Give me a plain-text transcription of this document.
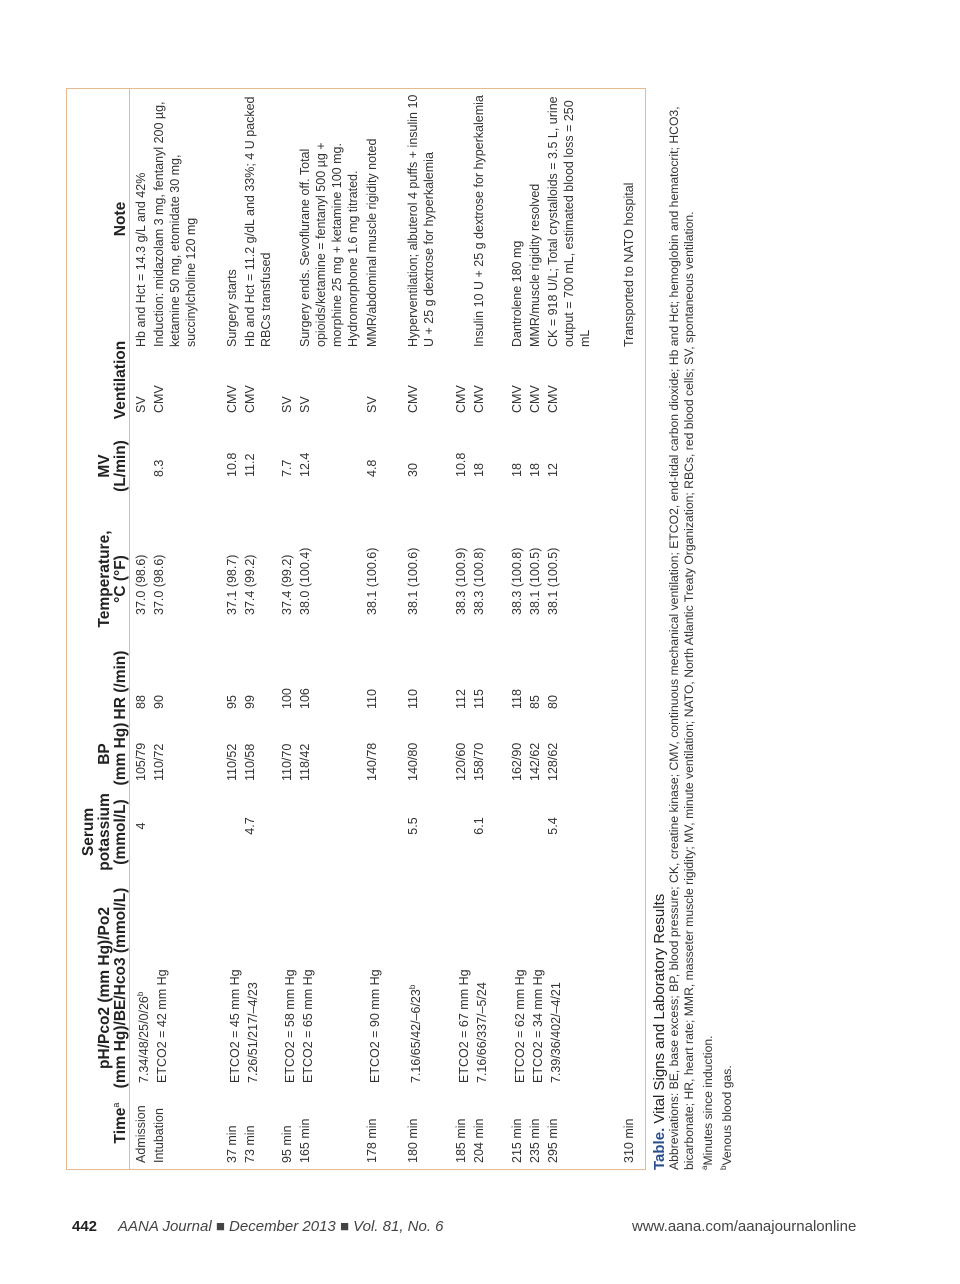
Time$^a$
pH/Pco2 (mm Hg)/Po2 (mm Hg)/BE/Hco3 (mmol/L)
Serum potassium (mmol/L)
BP (mm Hg)
HR (/min)
Temperature, °C (°F)
MV (L/min)
Ventilation
Note
Admission
7.34/48/25/0/26$^b$
4
105/79
88
37.0 (98.6)
SV
Hb and Hct = 14.3 g/L and 42%
Intubation
ETCO2 = 42 mm Hg
110/72
90
37.0 (98.6)
8.3
CMV
Induction: midazolam 3 mg, fentanyl 200 µg, ketamine 50 mg, etomidate 30 mg, succinylcholine 120 mg
37 min
ETCO2 = 45 mm Hg
110/52
95
37.1 (98.7)
10.8
CMV
Surgery starts
73 min
7.26/51/217/–4/23
4.7
110/58
99
37.4 (99.2)
11.2
CMV
Hb and Hct = 11.2 g/dL and 33%; 4 U packed RBCs transfused
95 min
ETCO2 = 58 mm Hg
110/70
100
37.4 (99.2)
7.7
SV
165 min
ETCO2 = 65 mm Hg
118/42
106
38.0 (100.4)
12.4
SV
Surgery ends. Sevoflurane off. Total opioids/ketamine = fentanyl 500 µg + morphine 25 mg + ketamine 100 mg. Hydromorphone 1.6 mg titrated.
178 min
ETCO2 = 90 mm Hg
140/78
110
38.1 (100.6)
4.8
SV
MMR/abdominal muscle rigidity noted
180 min
7.16/65/42/–6/23$^b$
5.5
140/80
110
38.1 (100.6)
30
CMV
Hyperventilation; albuterol 4 puffs + insulin 10 U + 25 g dextrose for hyperkalemia
185 min
ETCO2 = 67 mm Hg
120/60
112
38.3 (100.9)
10.8
CMV
204 min
7.16/66/337/–5/24
6.1
158/70
115
38.3 (100.8)
18
CMV
Insulin 10 U + 25 g dextrose for hyperkalemia
215 min
ETCO2 = 62 mm Hg
162/90
118
38.3 (100.8)
18
CMV
Dantrolene 180 mg
235 min
ETCO2 = 34 mm Hg
142/62
85
38.1 (100.5)
18
CMV
MMR/muscle rigidity resolved
295 min
7.39/36/402/–4/21
5.4
128/62
80
38.1 (100.5)
12
CMV
CK = 918 U/L; Total crystalloids = 3.5 L, urine output = 700 mL, estimated blood loss = 250 mL
310 min
Transported to NATO hospital

Table. Vital Signs and Laboratory Results Abbreviations: BE, base excess; BP, blood pressure; CK, creatine kinase; CMV, continuous mechanical ventilation; ETCO2, end-tidal carbon dioxide; Hb and Hct; hemoglobin and hematocrit; HCO3, bicarbonate; HR, heart rate; MMR, masseter muscle rigidity; MV, minute ventilation; NATO, North Atlantic Treaty Organization; RBCs, red blood cells; SV, spontaneous ventilation. $^a$Minutes since induction.

$^b$Venous blood gas.

442 AANA Journal ■ December 2013 ■ Vol. 81, No. 6	www.aana.com/aanajournalonline
